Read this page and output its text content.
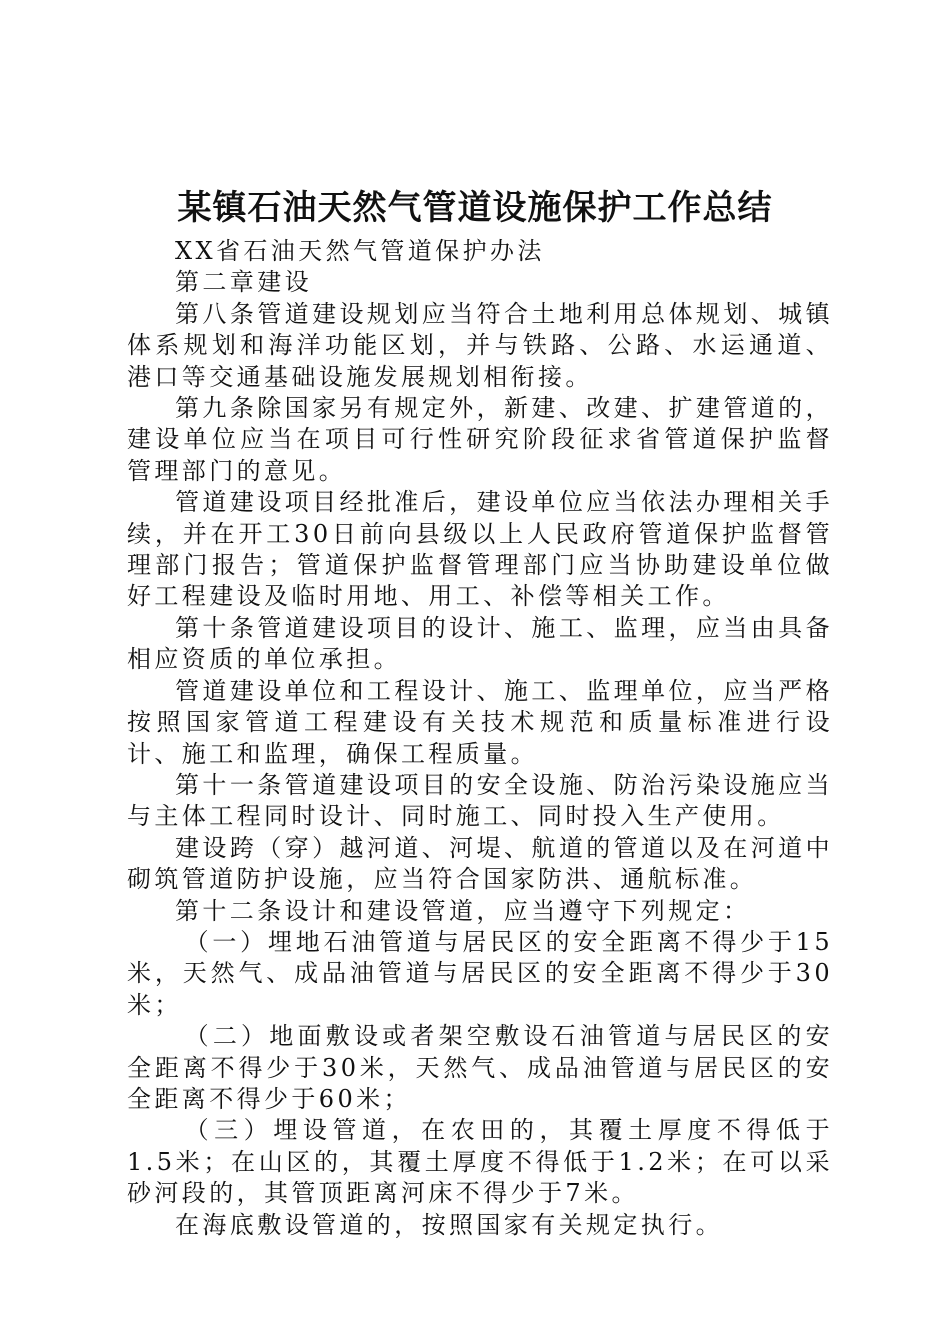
某镇石油天然气管道设施保护工作总结

XX省石油天然气管道保护办法

第二章建设

第八条管道建设规划应当符合土地利用总体规划、城镇体系规划和海洋功能区划，并与铁路、公路、水运通道、港口等交通基础设施发展规划相衔接。

第九条除国家另有规定外，新建、改建、扩建管道的，建设单位应当在项目可行性研究阶段征求省管道保护监督管理部门的意见。

管道建设项目经批准后，建设单位应当依法办理相关手续，并在开工30日前向县级以上人民政府管道保护监督管理部门报告；管道保护监督管理部门应当协助建设单位做好工程建设及临时用地、用工、补偿等相关工作。

第十条管道建设项目的设计、施工、监理，应当由具备相应资质的单位承担。

管道建设单位和工程设计、施工、监理单位，应当严格按照国家管道工程建设有关技术规范和质量标准进行设计、施工和监理，确保工程质量。

第十一条管道建设项目的安全设施、防治污染设施应当与主体工程同时设计、同时施工、同时投入生产使用。

建设跨（穿）越河道、河堤、航道的管道以及在河道中砌筑管道防护设施，应当符合国家防洪、通航标准。

第十二条设计和建设管道，应当遵守下列规定：

（一）埋地石油管道与居民区的安全距离不得少于15米，天然气、成品油管道与居民区的安全距离不得少于30米；

（二）地面敷设或者架空敷设石油管道与居民区的安全距离不得少于30米，天然气、成品油管道与居民区的安全距离不得少于60米；

（三）埋设管道，在农田的，其覆土厚度不得低于1.5米；在山区的，其覆土厚度不得低于1.2米；在可以采砂河段的，其管顶距离河床不得少于7米。

在海底敷设管道的，按照国家有关规定执行。
